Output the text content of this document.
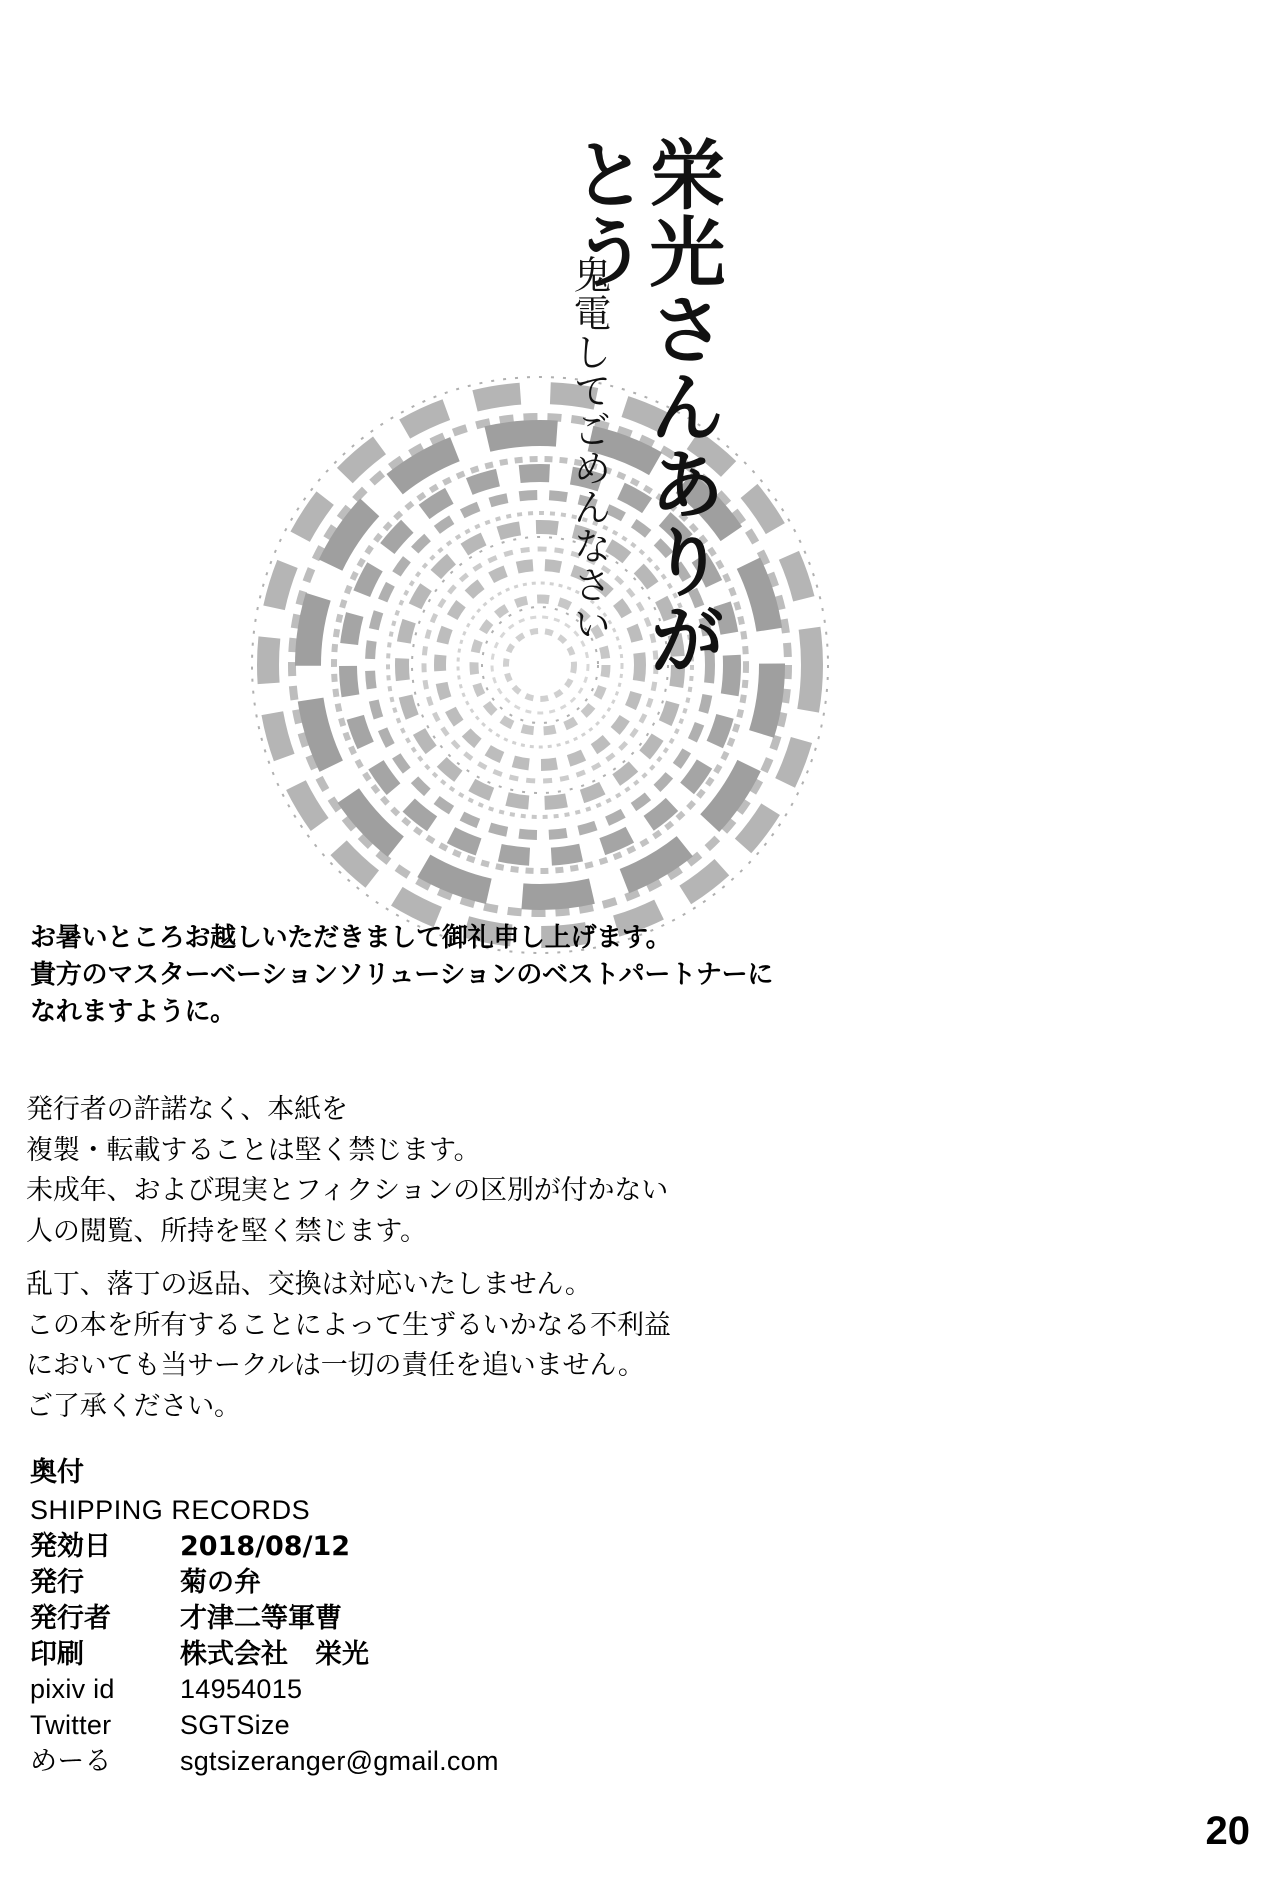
栄光さんありがとう
鬼電してごめんなさい
お暑いところお越しいただきまして御礼申し上げます。
貴方のマスターベーションソリューションのベストパートナーに
なれますように。
発行者の許諾なく、本紙を
複製・転載することは堅く禁じます。
未成年、および現実とフィクションの区別が付かない
人の閲覧、所持を堅く禁じます。
乱丁、落丁の返品、交換は対応いたしません。
この本を所有することによって生ずるいかなる不利益
においても当サークルは一切の責任を追いません。
ご了承ください。
奥付
SHIPPING RECORDS
発効日	2018/08/12
発行	菊の弁
発行者	才津二等軍曹
印刷	株式会社　栄光
pixiv id	14954015
Twitter	SGTSize
めーる	sgtsizeranger@gmail.com
20
